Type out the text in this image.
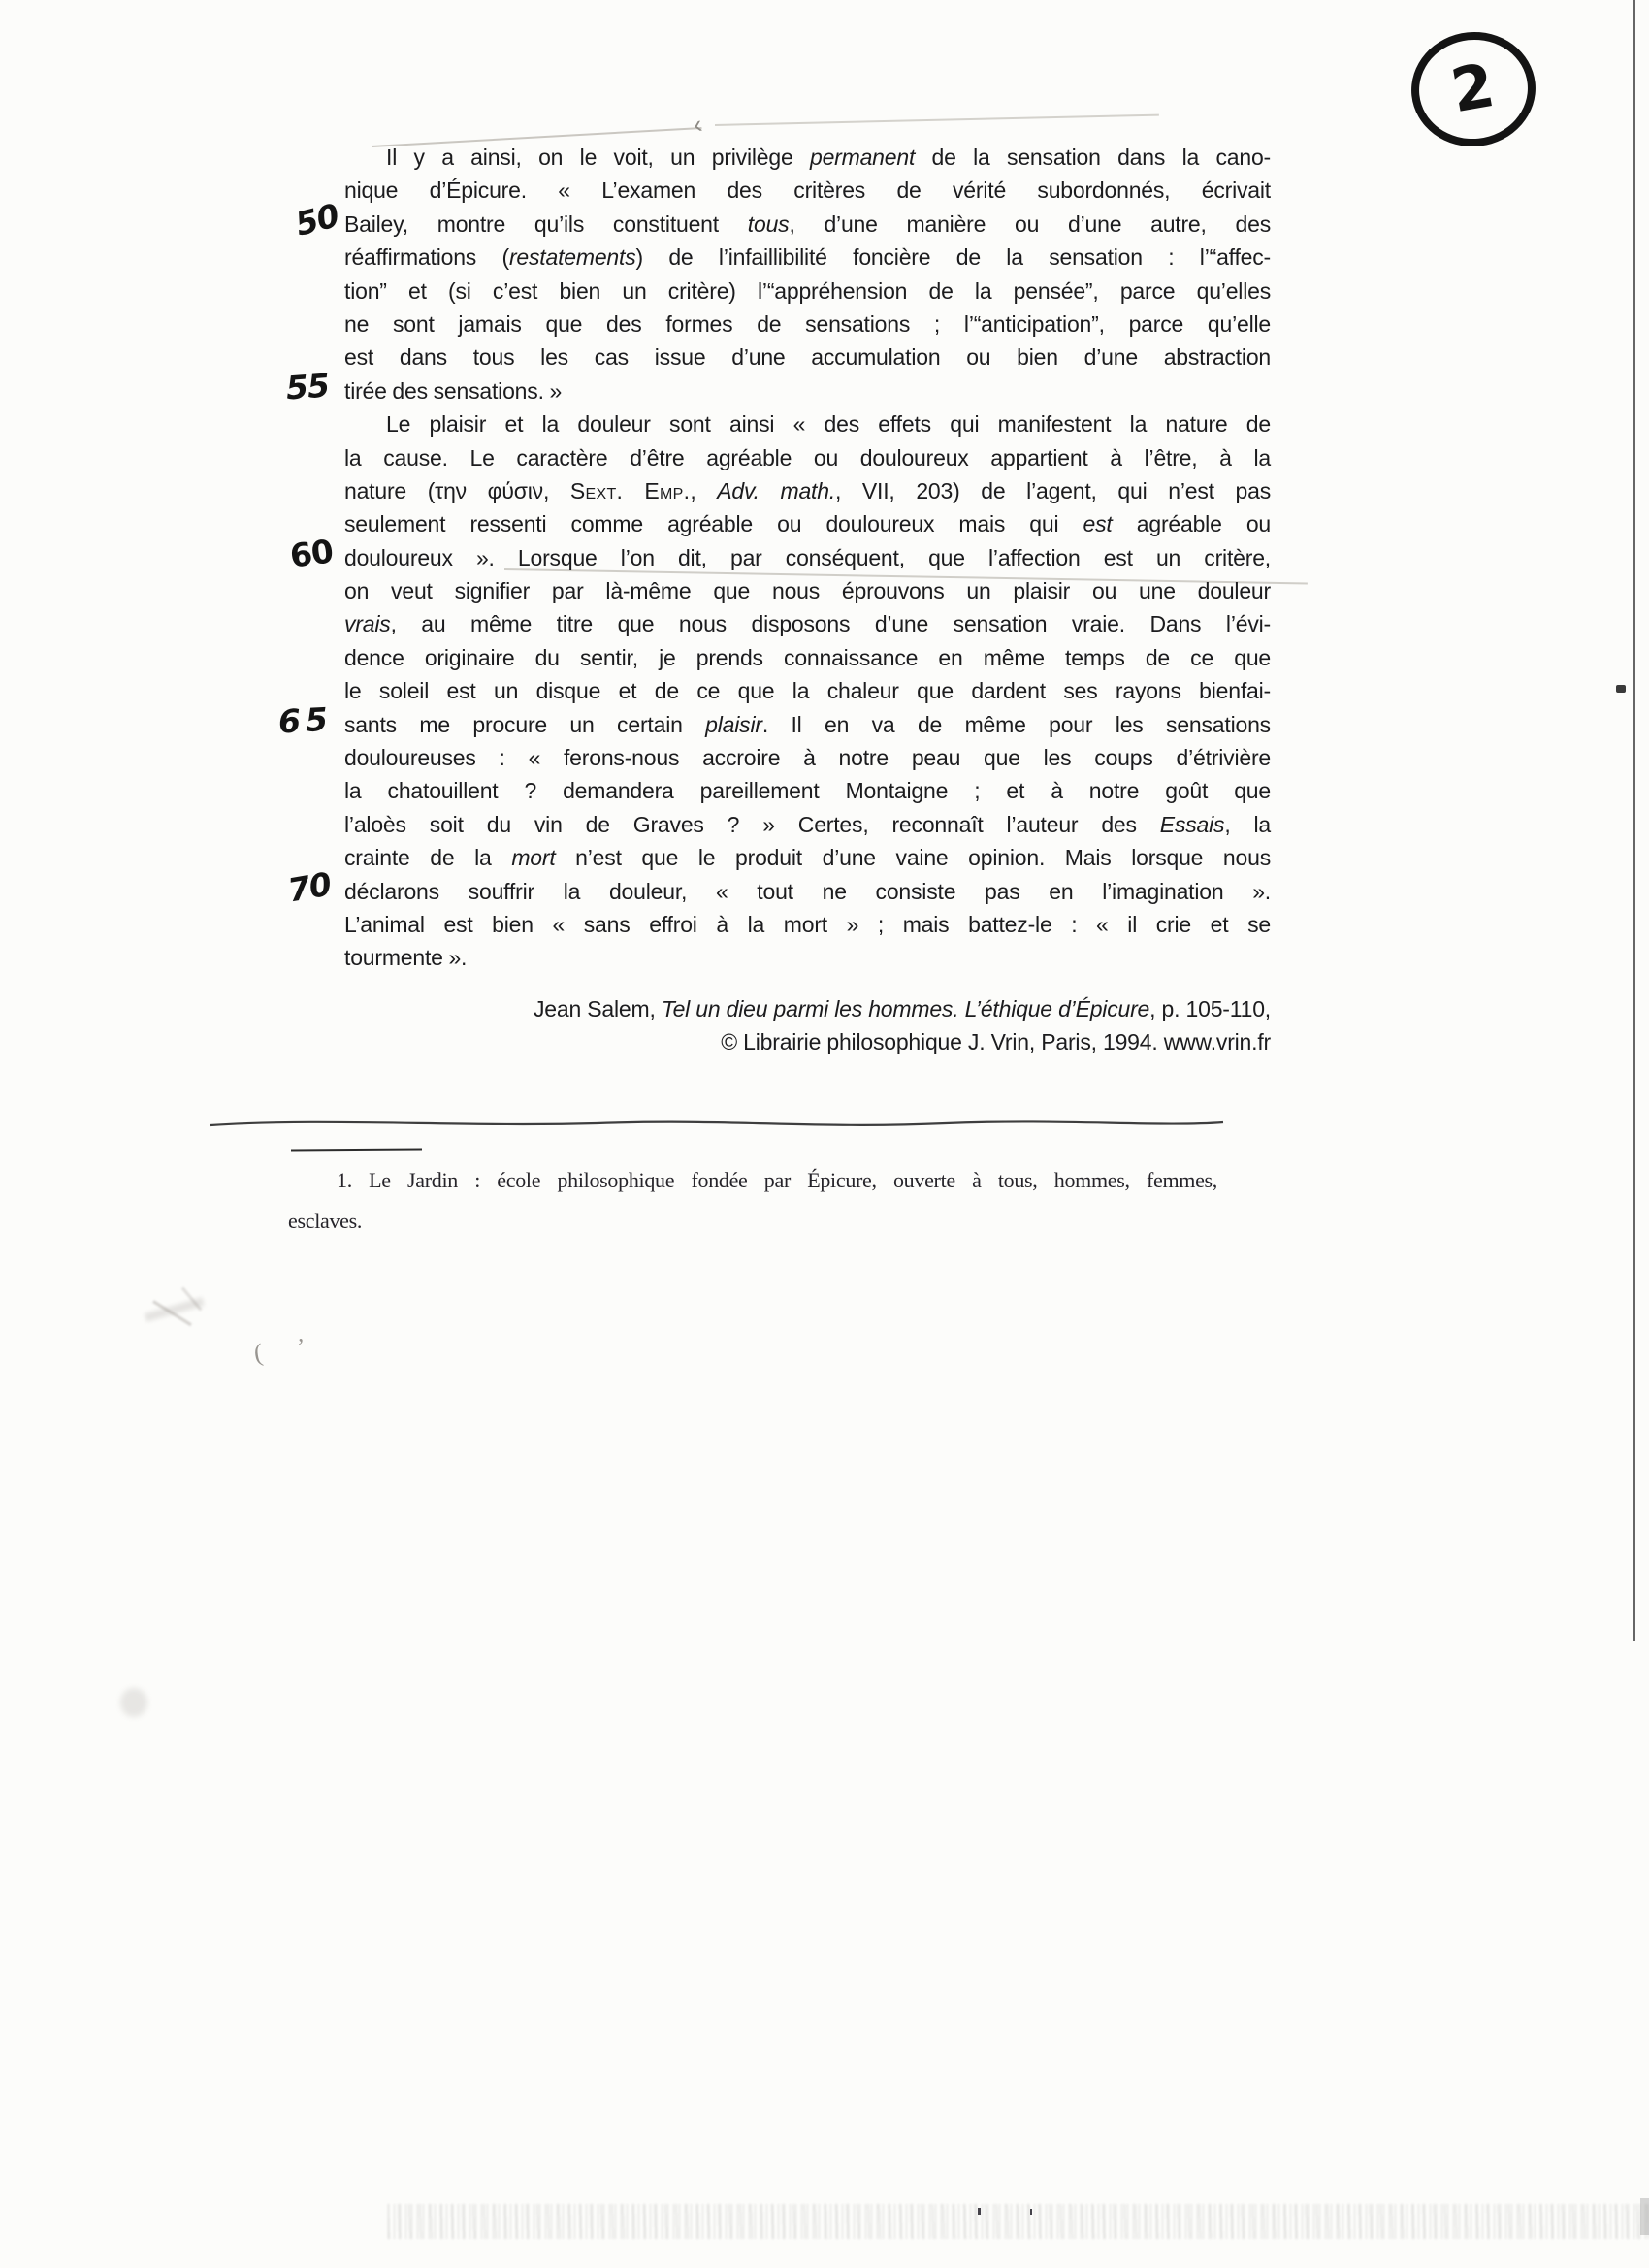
2
‹
Il y a ainsi, on le voit, un privilège permanent de la sensation dans la cano-
nique d’Épicure. « L’examen des critères de vérité subordonnés, écrivait
50 Bailey, montre qu’ils constituent tous, d’une manière ou d’une autre, des
réaffirmations (restatements) de l’infaillibilité foncière de la sensation : l’“affec-
tion” et (si c’est bien un critère) l’“appréhension de la pensée”, parce qu’elles
ne sont jamais que des formes de sensations ; l’“anticipation”, parce qu’elle
est dans tous les cas issue d’une accumulation ou bien d’une abstraction
55 tirée des sensations. »
Le plaisir et la douleur sont ainsi « des effets qui manifestent la nature de
la cause. Le caractère d’être agréable ou douloureux appartient à l’être, à la
nature (την φύσιν, Sext. Emp., Adv. math., VII, 203) de l’agent, qui n’est pas
seulement ressenti comme agréable ou douloureux mais qui est agréable ou
60 douloureux ». Lorsque l’on dit, par conséquent, que l’affection est un critère,
on veut signifier par là-même que nous éprouvons un plaisir ou une douleur
vrais, au même titre que nous disposons d’une sensation vraie. Dans l’évi-
dence originaire du sentir, je prends connaissance en même temps de ce que
le soleil est un disque et de ce que la chaleur que dardent ses rayons bienfai-
65 sants me procure un certain plaisir. Il en va de même pour les sensations
douloureuses : « ferons-nous accroire à notre peau que les coups d’étrivière
la chatouillent ? demandera pareillement Montaigne ; et à notre goût que
l’aloès soit du vin de Graves ? » Certes, reconnaît l’auteur des Essais, la
crainte de la mort n’est que le produit d’une vaine opinion. Mais lorsque nous
70 déclarons souffrir la douleur, « tout ne consiste pas en l’imagination ».
L’animal est bien « sans effroi à la mort » ; mais battez-le : « il crie et se
tourmente ».
Jean Salem, Tel un dieu parmi les hommes. L’éthique d’Épicure, p. 105-110,
© Librairie philosophique J. Vrin, Paris, 1994. www.vrin.fr
1. Le Jardin : école philosophique fondée par Épicure, ouverte à tous, hommes, femmes,
esclaves.
( ’
